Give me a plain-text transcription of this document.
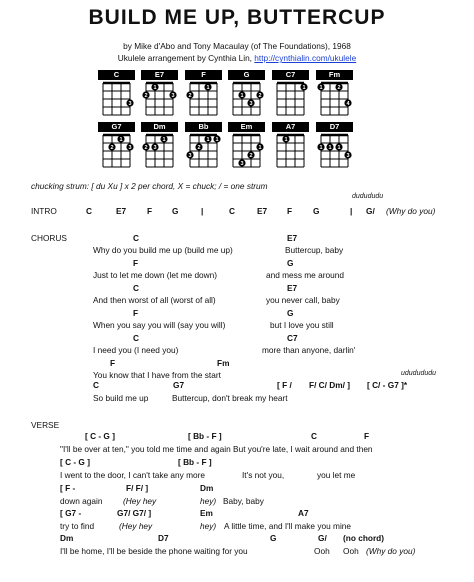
BUILD ME UP, BUTTERCUP
by Mike d'Abo and Tony Macaulay (of The Foundations), 1968
Ukulele arrangement by Cynthia Lin, http://cynthialin.com/ukulele
C
3
E7
1
2	3
F
1
2
G
1	2
3
C7
1
Fm
1	2
4
G7
1
2	3
Dm
1
2 3
Bb
1 1
2
3
Em
1
2
3
A7
1
D7
1 1 1
3
chucking strum: [ du Xu ] x 2 per chord, X = chuck; / = one strum
dudududu
INTRO	C	E7	F G	|	C	E7 F	G	| G/ (Why do you)
CHORUS	C	E7
Why do you build me up (build me up)	Buttercup, baby
F	G
Just to let me down (let me down)	and mess me around
C	E7
And then worst of all (worst of all)	you never call, baby
F	G
When you say you will (say you will)	but I love you still
C	C7
I need you (I need you)	more than anyone, darlin'
F	Fm
You know that I have from the start	ududududu
C	G7	[ F / F/ C/ Dm/ ] [ C/ - G7 ]*
So build me up	Buttercup, don't break my heart
VERSE
[ C - G ]	[ Bb - F ]	C	F
"I'll be over at ten," you told me time and again But you're late, I wait around and then
[ C - G ]	[ Bb - F ]
I went to the door, I can't take any more	It's not you,	you let me
[ F -	F/ F/ ]	Dm
down again (Hey hey	hey) Baby, baby
[ G7 -	G7/ G7/ ]	Em	A7
try to find	(Hey hey	hey) A little time, and I'll make you mine
Dm	D7	G	G/ (no chord)
I'll be home, I'll be beside the phone waiting for you	Ooh Ooh (Why do you)
